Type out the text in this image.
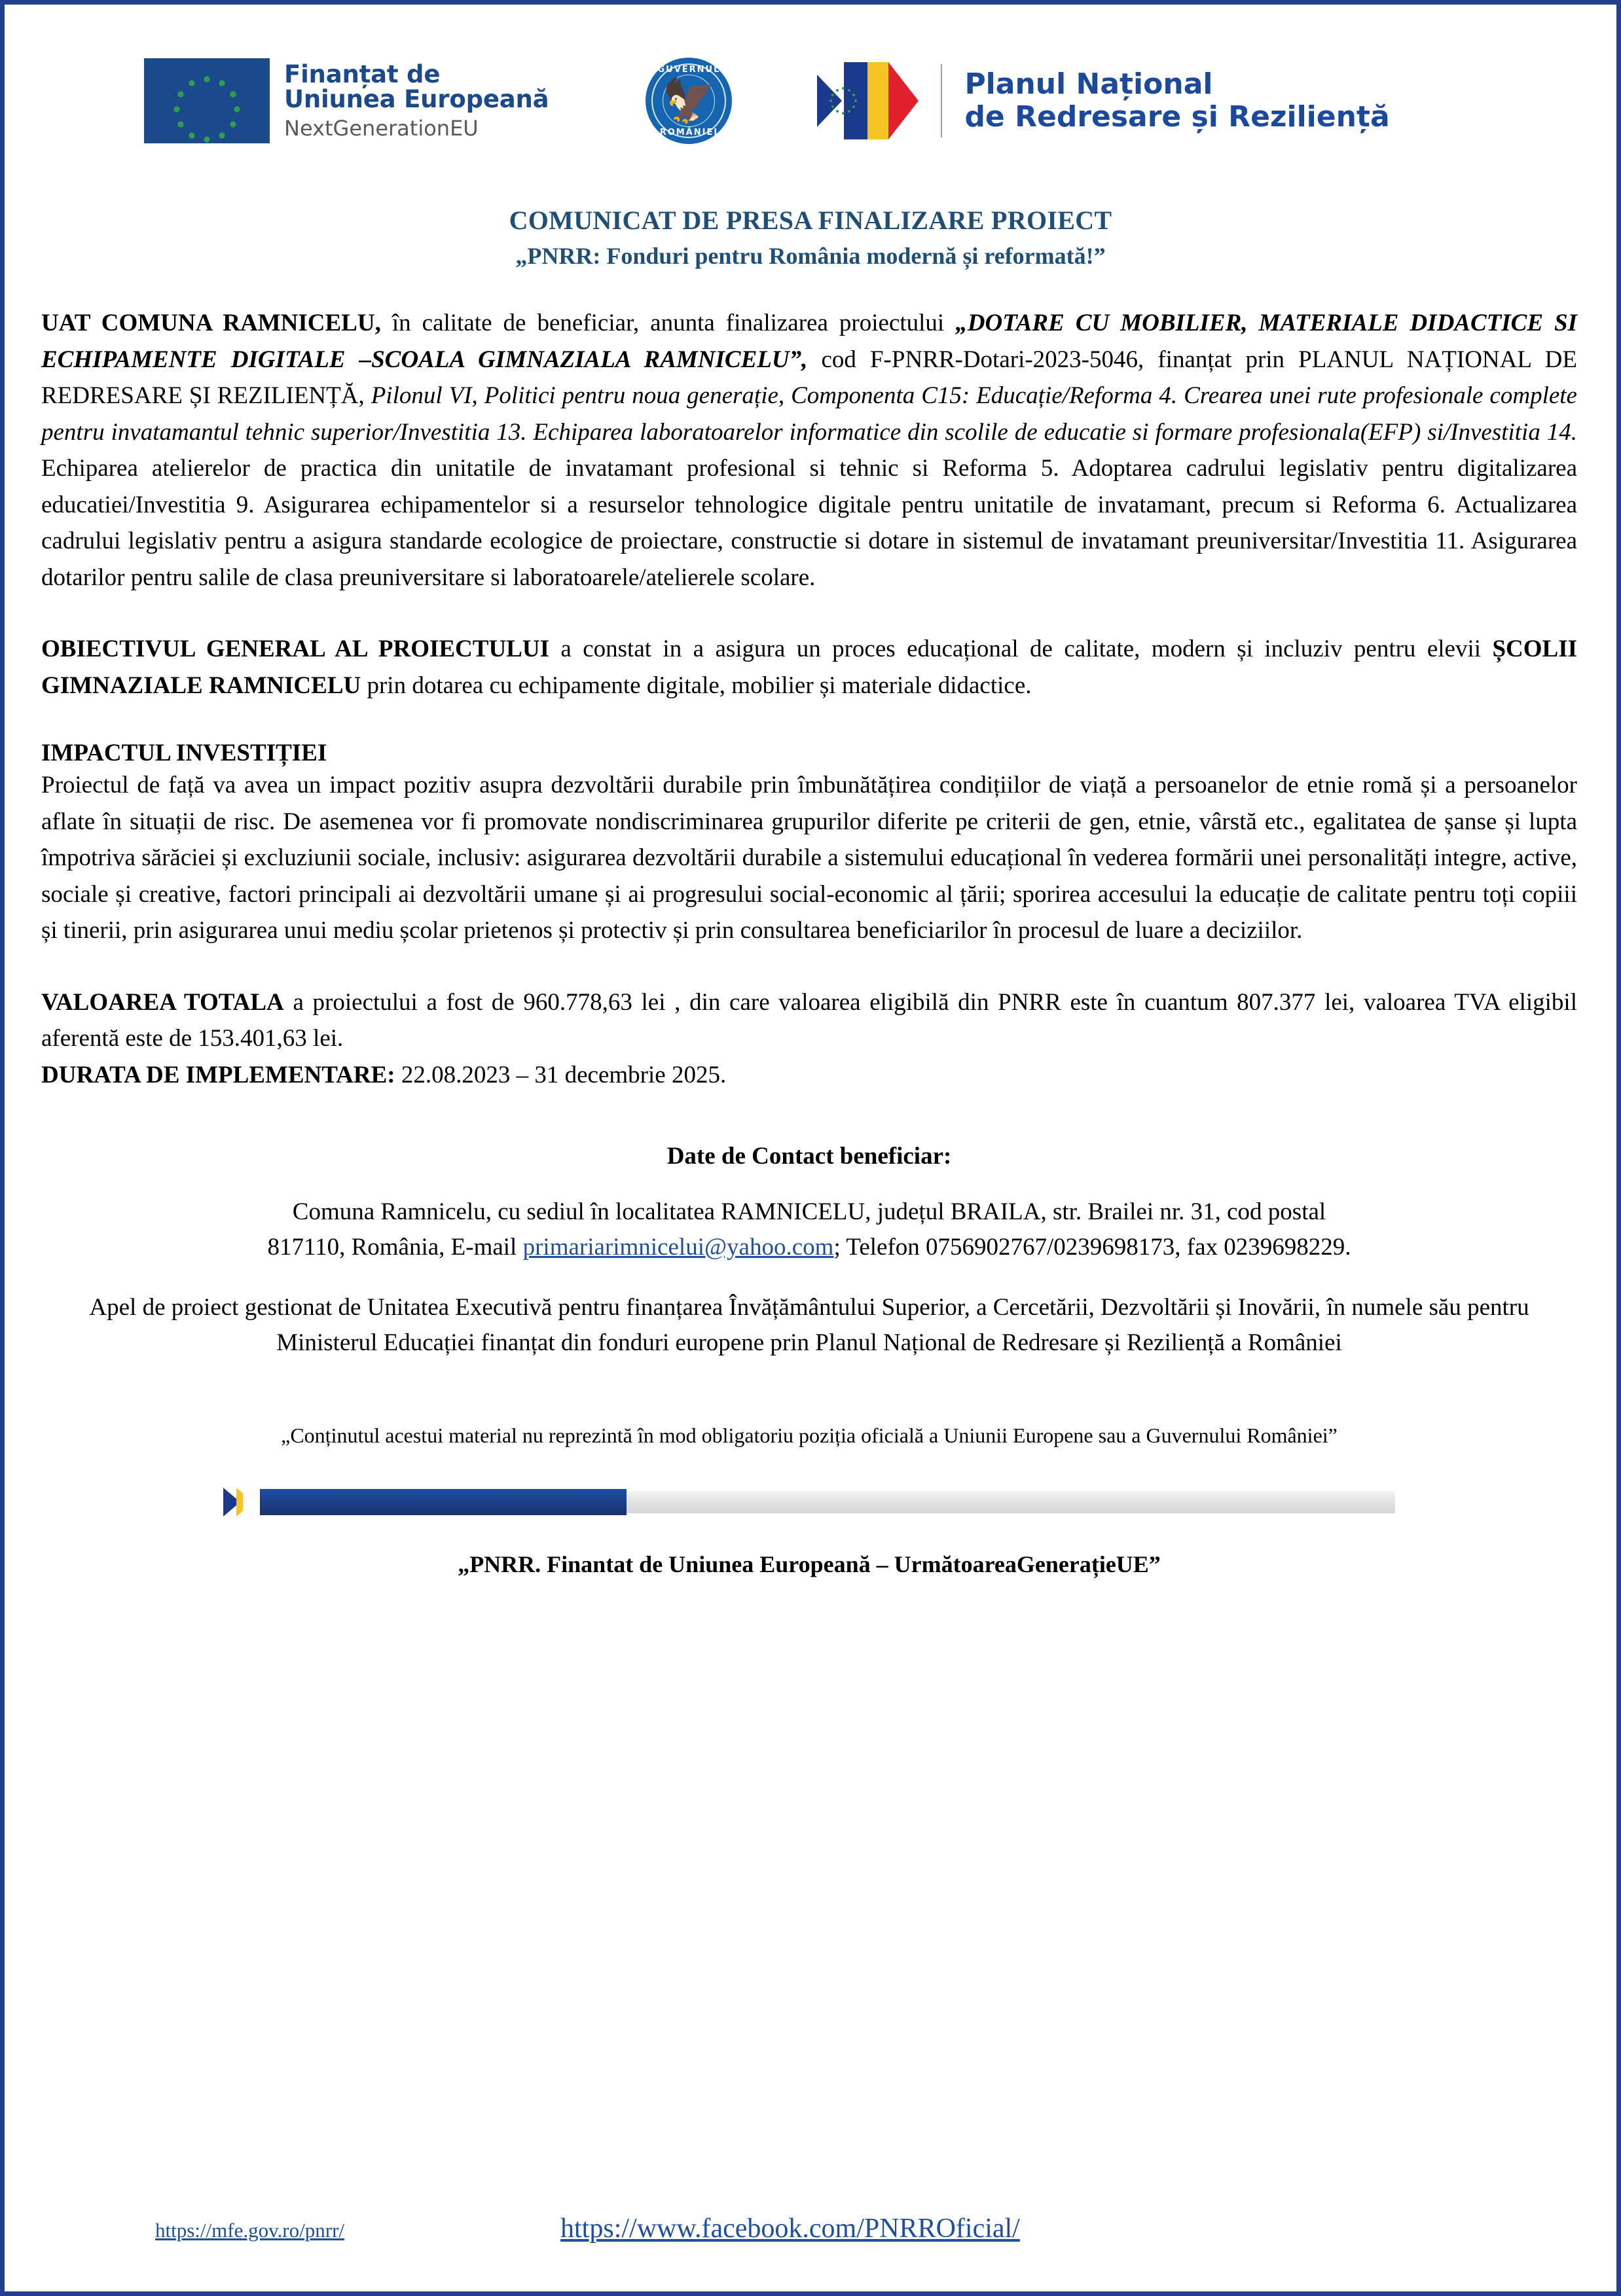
Finanțat de
Uniunea Europeană
NextGenerationEU
GUVERNUL
🦅
ROMÂNIEI
Planul Național
de Redresare și Reziliență
COMUNICAT DE PRESA FINALIZARE PROIECT
„PNRR: Fonduri pentru România modernă și reformată!”

UAT COMUNA RAMNICELU, în calitate de beneficiar, anunta finalizarea proiectului „DOTARE CU MOBILIER, MATERIALE DIDACTICE SI ECHIPAMENTE DIGITALE –SCOALA GIMNAZIALA RAMNICELU”, cod F-PNRR-Dotari-2023-5046, finanțat prin PLANUL NAȚIONAL DE REDRESARE ȘI REZILIENȚĂ, Pilonul VI, Politici pentru noua generație, Componenta C15: Educație/Reforma 4. Crearea unei rute profesionale complete pentru invatamantul tehnic superior/Investitia 13. Echiparea laboratoarelor informatice din scolile de educatie si formare profesionala(EFP) si/Investitia 14. Echiparea atelierelor de practica din unitatile de invatamant profesional si tehnic si Reforma 5. Adoptarea cadrului legislativ pentru digitalizarea educatiei/Investitia 9. Asigurarea echipamentelor si a resurselor tehnologice digitale pentru unitatile de invatamant, precum si Reforma 6. Actualizarea cadrului legislativ pentru a asigura standarde ecologice de proiectare, constructie si dotare in sistemul de invatamant preuniversitar/Investitia 11. Asigurarea dotarilor pentru salile de clasa preuniversitare si laboratoarele/atelierele scolare.

OBIECTIVUL GENERAL AL PROIECTULUI a constat in a asigura un proces educațional de calitate, modern și incluziv pentru elevii ȘCOLII GIMNAZIALE RAMNICELU prin dotarea cu echipamente digitale, mobilier și materiale didactice.

IMPACTUL INVESTIȚIEI

Proiectul de față va avea un impact pozitiv asupra dezvoltării durabile prin îmbunătățirea condițiilor de viață a persoanelor de etnie romă și a persoanelor aflate în situații de risc. De asemenea vor fi promovate nondiscriminarea grupurilor diferite pe criterii de gen, etnie, vârstă etc., egalitatea de șanse și lupta împotriva sărăciei și excluziunii sociale, inclusiv: asigurarea dezvoltării durabile a sistemului educațional în vederea formării unei personalități integre, active, sociale și creative, factori principali ai dezvoltării umane și ai progresului social-economic al țării; sporirea accesului la educație de calitate pentru toți copiii și tinerii, prin asigurarea unui mediu școlar prietenos și protectiv și prin consultarea beneficiarilor în procesul de luare a deciziilor.

VALOAREA TOTALA a proiectului a fost de 960.778,63 lei , din care valoarea eligibilă din PNRR este în cuantum 807.377 lei, valoarea TVA eligibil aferentă este de 153.401,63 lei.

DURATA DE IMPLEMENTARE: 22.08.2023 – 31 decembrie 2025.

Date de Contact beneficiar:

Comuna Ramnicelu, cu sediul în localitatea RAMNICELU, județul BRAILA, str. Brailei nr. 31, cod postal
817110, România, E-mail primariarimnicelui@yahoo.com; Telefon 0756902767/0239698173, fax 0239698229.
Apel de proiect gestionat de Unitatea Executivă pentru finanțarea Învățământului Superior, a Cercetării, Dezvoltării și Inovării, în numele său pentru Ministerul Educației finanțat din fonduri europene prin Planul Național de Redresare și Reziliență a României
„Conținutul acestui material nu reprezintă în mod obligatoriu poziția oficială a Uniunii Europene sau a Guvernului României”
„PNRR. Finantat de Uniunea Europeană – UrmătoareaGenerațieUE”
https://mfe.gov.ro/pnrr/	https://www.facebook.com/PNRROficial/
